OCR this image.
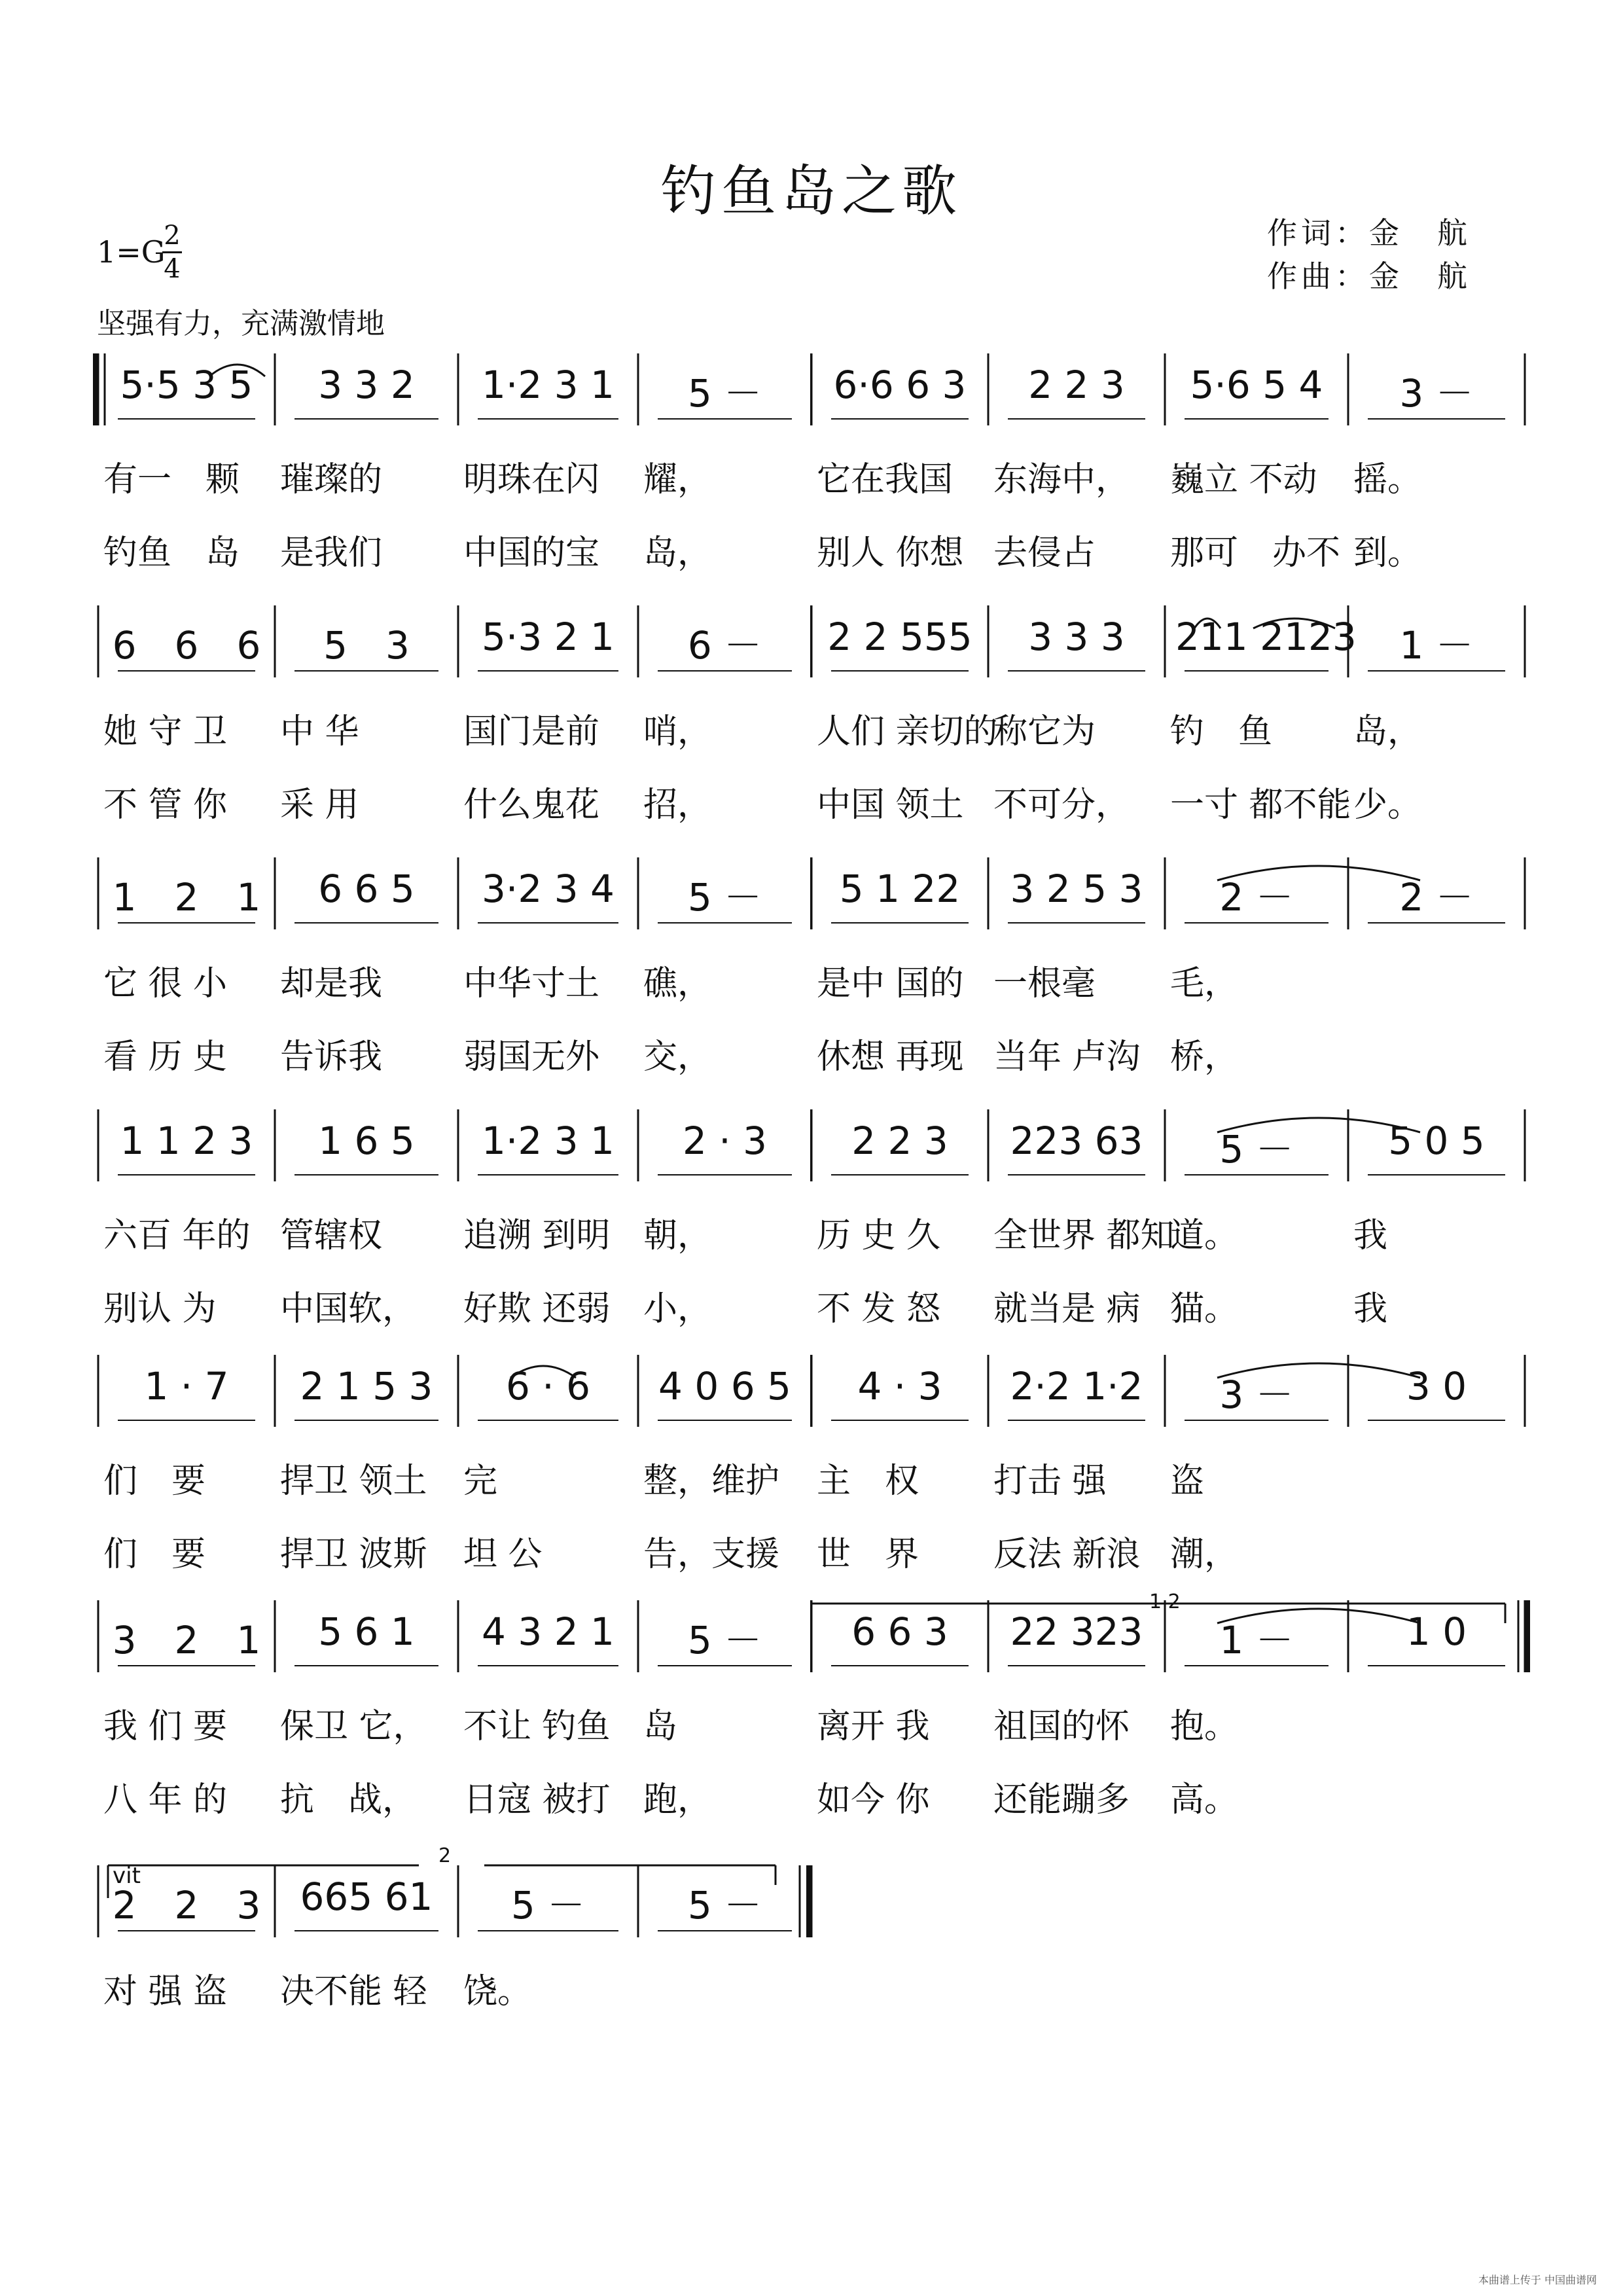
钓鱼岛之歌
作词：金　航
作曲：金　航
1=G
2
4
坚强有力，充满激情地
5·5 3 5
有一　颗
钓鱼　岛
3 3 2
璀璨的
是我们
1·2 3 1
明珠在闪
中国的宝
5 －
耀，
岛，
6·6 6 3
它在我国
别人 你想
2 2 3
东海中，
去侵占
5·6 5 4
巍立 不动
那可　办不
3 －
摇。
到。
6　6　6
她 守 卫
不 管 你
5　3
中 华
采 用
5·3 2 1
国门是前
什么鬼花
6 －
哨，
招，
2 2 555
人们 亲切的
中国 领土
3 3 3
称它为
不可分，
211 2123
钓　鱼
一寸 都不能
1 －
岛，
少。
1　2　1
它 很 小
看 历 史
6 6 5
却是我
告诉我
3·2 3 4
中华寸土
弱国无外
5 －
礁，
交，
5 1 22
是中 国的
休想 再现
3 2 5 3
一根毫
当年 卢沟
2 －
毛，
桥，
2 －
1 1 2 3
六百 年的
别认 为
1 6 5
管辖权
中国软，
1·2 3 1
追溯 到明
好欺 还弱
2 · 3
朝，
小，
2 2 3
历 史 久
不 发 怒
223 63
全世界 都知
就当是 病
5 －
道。
猫。
5 0 5
我
我
1 · 7
们　要
们　要
2 1 5 3
捍卫 领土
捍卫 波斯
6 · 6
完
坦 公
4 0 6 5
整，维护
告，支援
4 · 3
主　权
世　界
2·2 1·2
打击 强
反法 新浪
3 －
盗
潮，
3 0
3　2　1
我 们 要
八 年 的
5 6 1
保卫 它，
抗　战，
4 3 2 1
不让 钓鱼
日寇 被打
5 －
岛
跑，
6 6 3
离开 我
如今 你
22 323
祖国的怀
还能蹦多
1 －
抱。
高。
1 0
2　2　3
对 强 盗
665 61
决不能 轻
5 －
饶。
5 －
1 2
2
vit
本曲谱上传于 中国曲谱网
